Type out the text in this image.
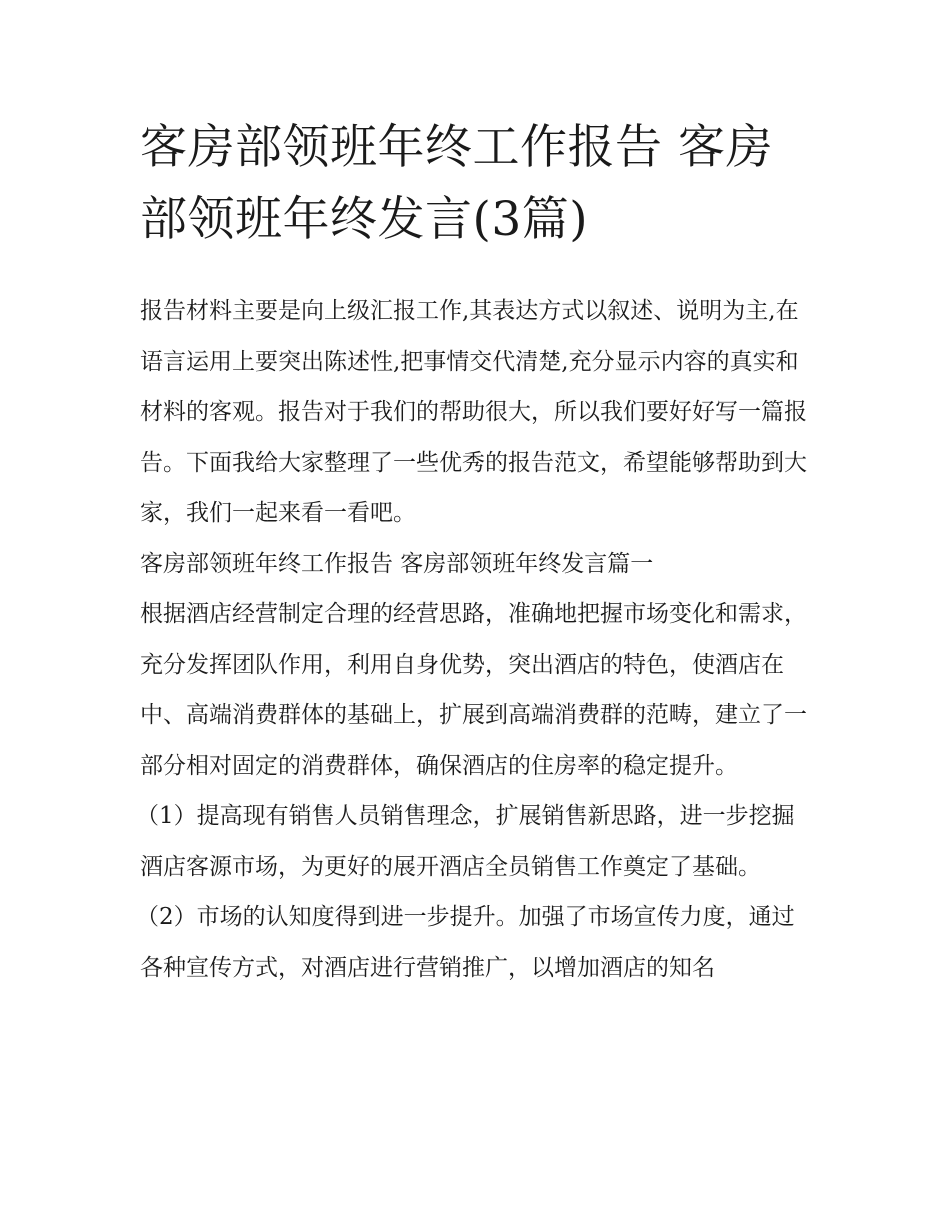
客房部领班年终工作报告 客房部领班年终发言(3篇)

报告材料主要是向上级汇报工作,其表达方式以叙述、说明为主,在语言运用上要突出陈述性,把事情交代清楚,充分显示内容的真实和材料的客观。报告对于我们的帮助很大，所以我们要好好写一篇报告。下面我给大家整理了一些优秀的报告范文，希望能够帮助到大家，我们一起来看一看吧。

客房部领班年终工作报告 客房部领班年终发言篇一

根据酒店经营制定合理的经营思路，准确地把握市场变化和需求，充分发挥团队作用，利用自身优势，突出酒店的特色，使酒店在中、高端消费群体的基础上，扩展到高端消费群的范畴，建立了一部分相对固定的消费群体，确保酒店的住房率的稳定提升。

（1）提高现有销售人员销售理念，扩展销售新思路，进一步挖掘酒店客源市场，为更好的展开酒店全员销售工作奠定了基础。

（2）市场的认知度得到进一步提升。加强了市场宣传力度，通过各种宣传方式，对酒店进行营销推广，以增加酒店的知名
